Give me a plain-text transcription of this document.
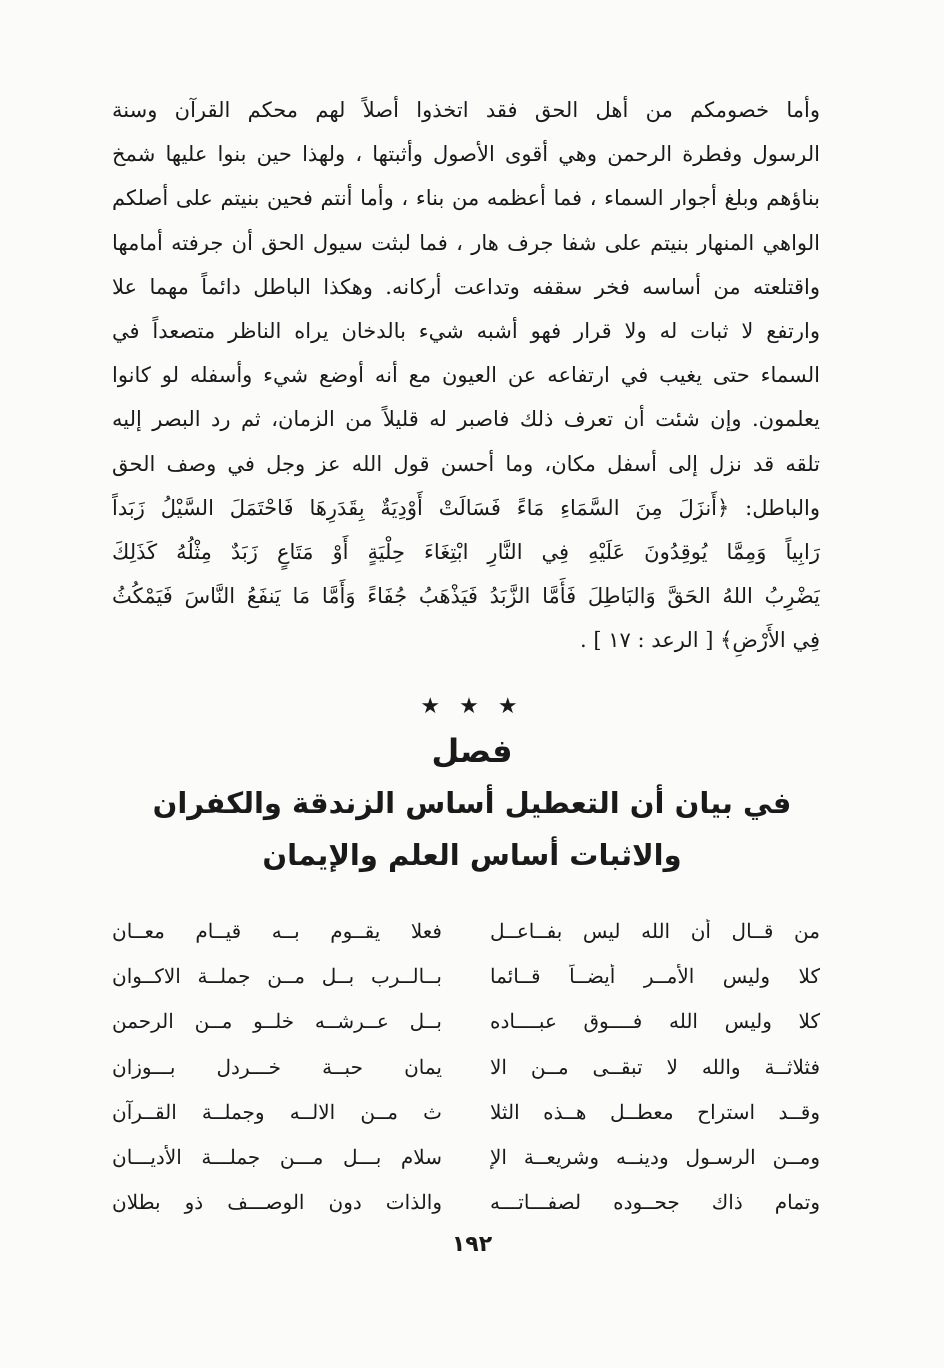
وأما خصومكم من أهل الحق فقد اتخذوا أصلاً لهم محكم القرآن وسنة
الرسول وفطرة الرحمن وهي أقوى الأصول وأثبتها ، ولهذا حين بنوا عليها شمخ
بناؤهم وبلغ أجوار السماء ، فما أعظمه من بناء ، وأما أنتم فحين بنيتم على أصلكم
الواهي المنهار بنيتم على شفا جرف هار ، فما لبثت سيول الحق أن جرفته أمامها
واقتلعته من أساسه فخر سقفه وتداعت أركانه. وهكذا الباطل دائماً مهما علا
وارتفع لا ثبات له ولا قرار فهو أشبه شيء بالدخان يراه الناظر متصعداً في
السماء حتى يغيب في ارتفاعه عن العيون مع أنه أوضع شيء وأسفله لو كانوا
يعلمون. وإن شئت أن تعرف ذلك فاصبر له قليلاً من الزمان، ثم رد البصر إليه
تلقه قد نزل إلى أسفل مكان، وما أحسن قول الله عز وجل في وصف الحق
والباطل: ﴿أَنزَلَ مِنَ السَّمَاءِ مَاءً فَسَالَتْ أَوْدِيَةٌ بِقَدَرِهَا فَاحْتَمَلَ السَّيْلُ زَبَداً
رَابِياً وَمِمَّا يُوقِدُونَ عَلَيْهِ فِي النَّارِ ابْتِغَاءَ حِلْيَةٍ أَوْ مَتَاعٍ زَبَدٌ مِثْلُهُ كَذَلِكَ
يَضْرِبُ اللهُ الحَقَّ وَالبَاطِلَ فَأَمَّا الزَّبَدُ فَيَذْهَبُ جُفَاءً وَأَمَّا مَا يَنفَعُ النَّاسَ فَيَمْكُثُ
فِي الأَرْضِ﴾ [ الرعد : ١٧ ] .
★ ★ ★
فصل
في بيان أن التعطيل أساس الزندقة والكفران
والاثبات أساس العلم والإيمان
من قــال أن الله ليس بفــاعــل
فعلا يقــوم بــه قيــام معــان
كلا وليس الأمــر أيضــاً قــائما
بــالــرب بــل مــن جملــة الاكــوان
كلا وليس الله فــــوق عبــــاده
بــل عــرشــه خلــو مــن الرحمن
فثلاثــة والله لا تبقــى مــن الا
يمان حبــة خـــردل بـــوزان
وقــد استراح معطــل هــذه الثلا
ث مــن الالــه وجملــة القــرآن
ومــن الرسـول ودينــه وشريعــة الإ
سلام بـــل مـــن جملـــة الأديـــان
وتمام ذاك جحــوده لصفـــاتـــه
والذات دون الوصـــف ذو بطلان
١٩٢
